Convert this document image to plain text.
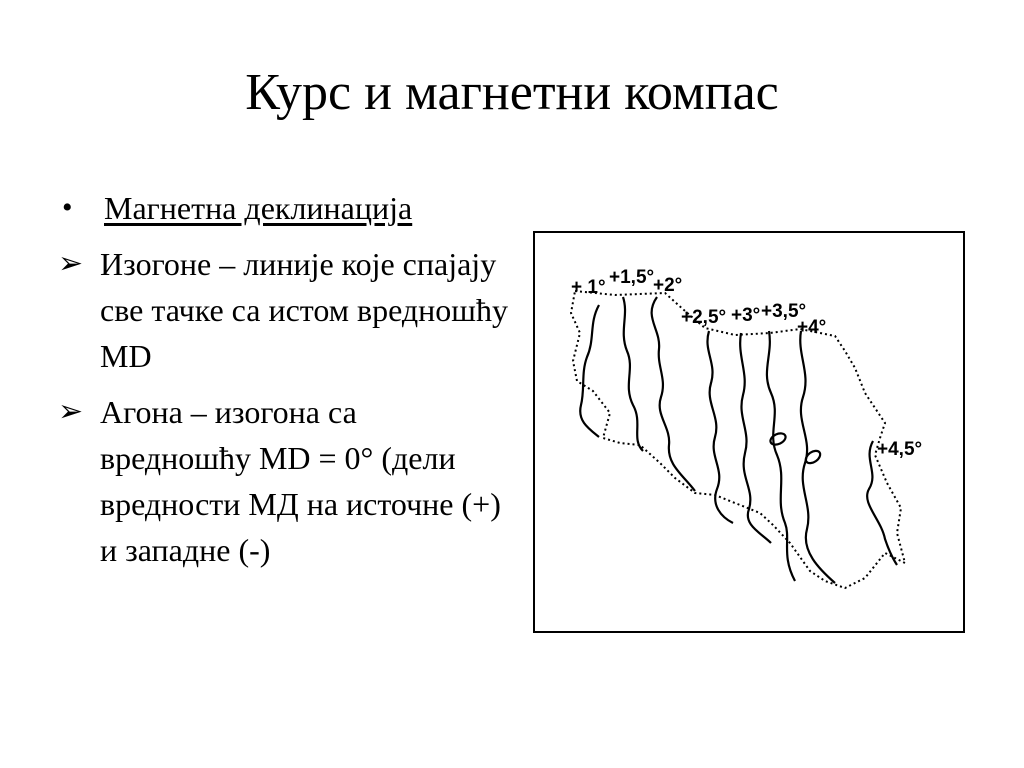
Курс и магнетни компас
• Магнетна деклинација
➢ Изогоне – линије које спајају све тачке са истом вредношћу MD
➢ Агона – изогона са вредношћу MD = 0° (дели вредности МД на источне (+) и западне (-)
+ 1° +1,5°
+2°
+2,5° +3° +3,5°
+4°
+4,5°
